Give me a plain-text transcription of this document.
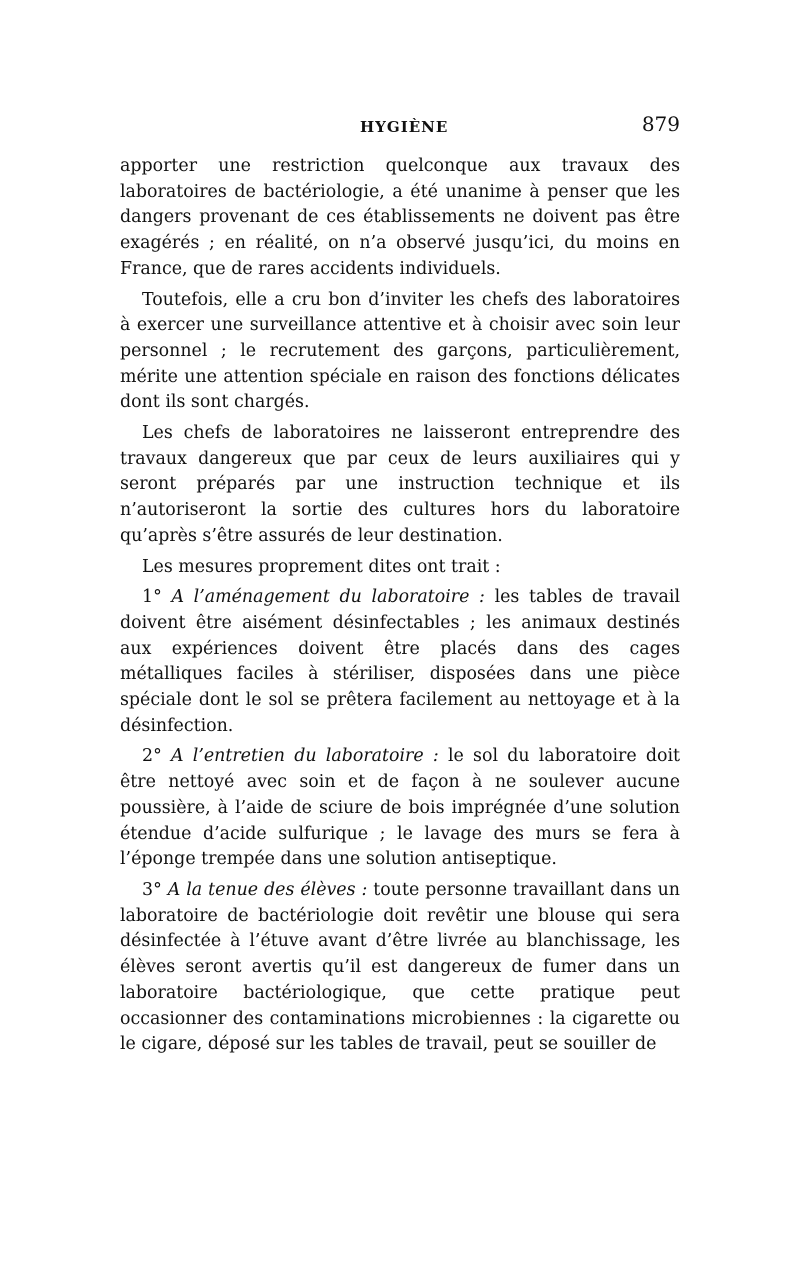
HYGIÈNE	879

apporter une restriction quelconque aux travaux des laboratoires de bactériologie, a été unanime à penser que les dangers provenant de ces établissements ne doivent pas être exagérés ; en réalité, on n’a observé jusqu’ici, du moins en France, que de rares accidents individuels.

Toutefois, elle a cru bon d’inviter les chefs des laboratoires à exercer une surveillance attentive et à choisir avec soin leur personnel ; le recrutement des garçons, particulièrement, mérite une attention spéciale en raison des fonctions délicates dont ils sont chargés.

Les chefs de laboratoires ne laisseront entreprendre des travaux dangereux que par ceux de leurs auxiliaires qui y seront préparés par une instruction technique et ils n’autoriseront la sortie des cultures hors du laboratoire qu’après s’être assurés de leur destination.

Les mesures proprement dites ont trait :

1° A l’aménagement du laboratoire : les tables de travail doivent être aisément désinfectables ; les animaux destinés aux expériences doivent être placés dans des cages métalliques faciles à stériliser, disposées dans une pièce spéciale dont le sol se prêtera facilement au nettoyage et à la désinfection.

2° A l’entretien du laboratoire : le sol du laboratoire doit être nettoyé avec soin et de façon à ne soulever aucune poussière, à l’aide de sciure de bois imprégnée d’une solution étendue d’acide sulfurique ; le lavage des murs se fera à l’éponge trempée dans une solution antiseptique.

3° A la tenue des élèves : toute personne travaillant dans un laboratoire de bactériologie doit revêtir une blouse qui sera désinfectée à l’étuve avant d’être livrée au blanchissage, les élèves seront avertis qu’il est dangereux de fumer dans un laboratoire bactériologique, que cette pratique peut occasionner des contaminations microbiennes : la cigarette ou le cigare, déposé sur les tables de travail, peut se souiller de
